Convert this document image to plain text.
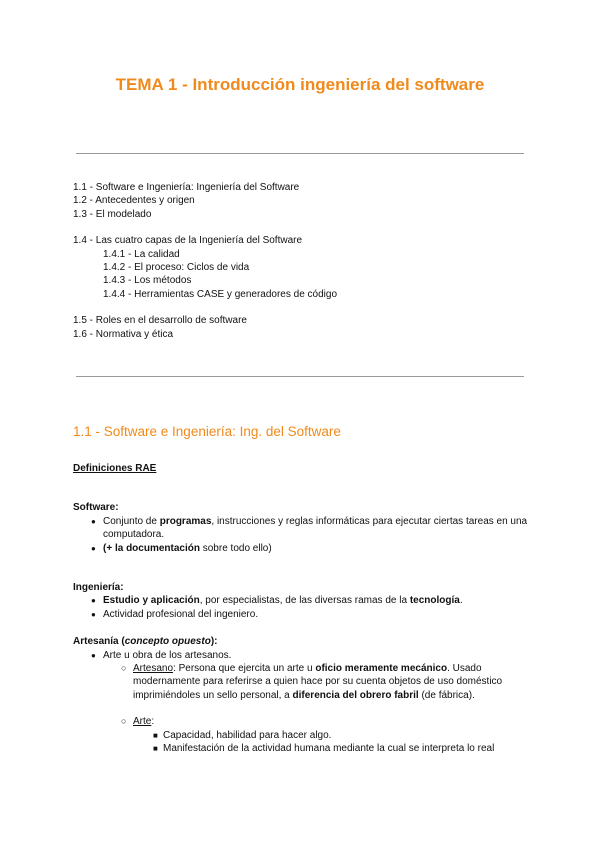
TEMA 1 - Introducción ingeniería del software
1.1 - Software e Ingeniería: Ingeniería del Software
1.2 - Antecedentes y origen
1.3 - El modelado
1.4 - Las cuatro capas de la Ingeniería del Software
1.4.1 - La calidad
1.4.2 - El proceso: Ciclos de vida
1.4.3 - Los métodos
1.4.4 - Herramientas CASE y generadores de código
1.5 - Roles en el desarrollo de software
1.6 - Normativa y ética
1.1 - Software e Ingeniería: Ing. del Software
Definiciones RAE
Software:
● Conjunto de programas, instrucciones y reglas informáticas para ejecutar ciertas tareas en una computadora.
● (+ la documentación sobre todo ello)
Ingeniería:
● Estudio y aplicación, por especialistas, de las diversas ramas de la tecnología.
● Actividad profesional del ingeniero.
Artesanía (concepto opuesto):
● Arte u obra de los artesanos.
○ Artesano: Persona que ejercita un arte u oficio meramente mecánico. Usado modernamente para referirse a quien hace por su cuenta objetos de uso doméstico imprimiéndoles un sello personal, a diferencia del obrero fabril (de fábrica).
○ Arte:
■ Capacidad, habilidad para hacer algo.
■ Manifestación de la actividad humana mediante la cual se interpreta lo real
